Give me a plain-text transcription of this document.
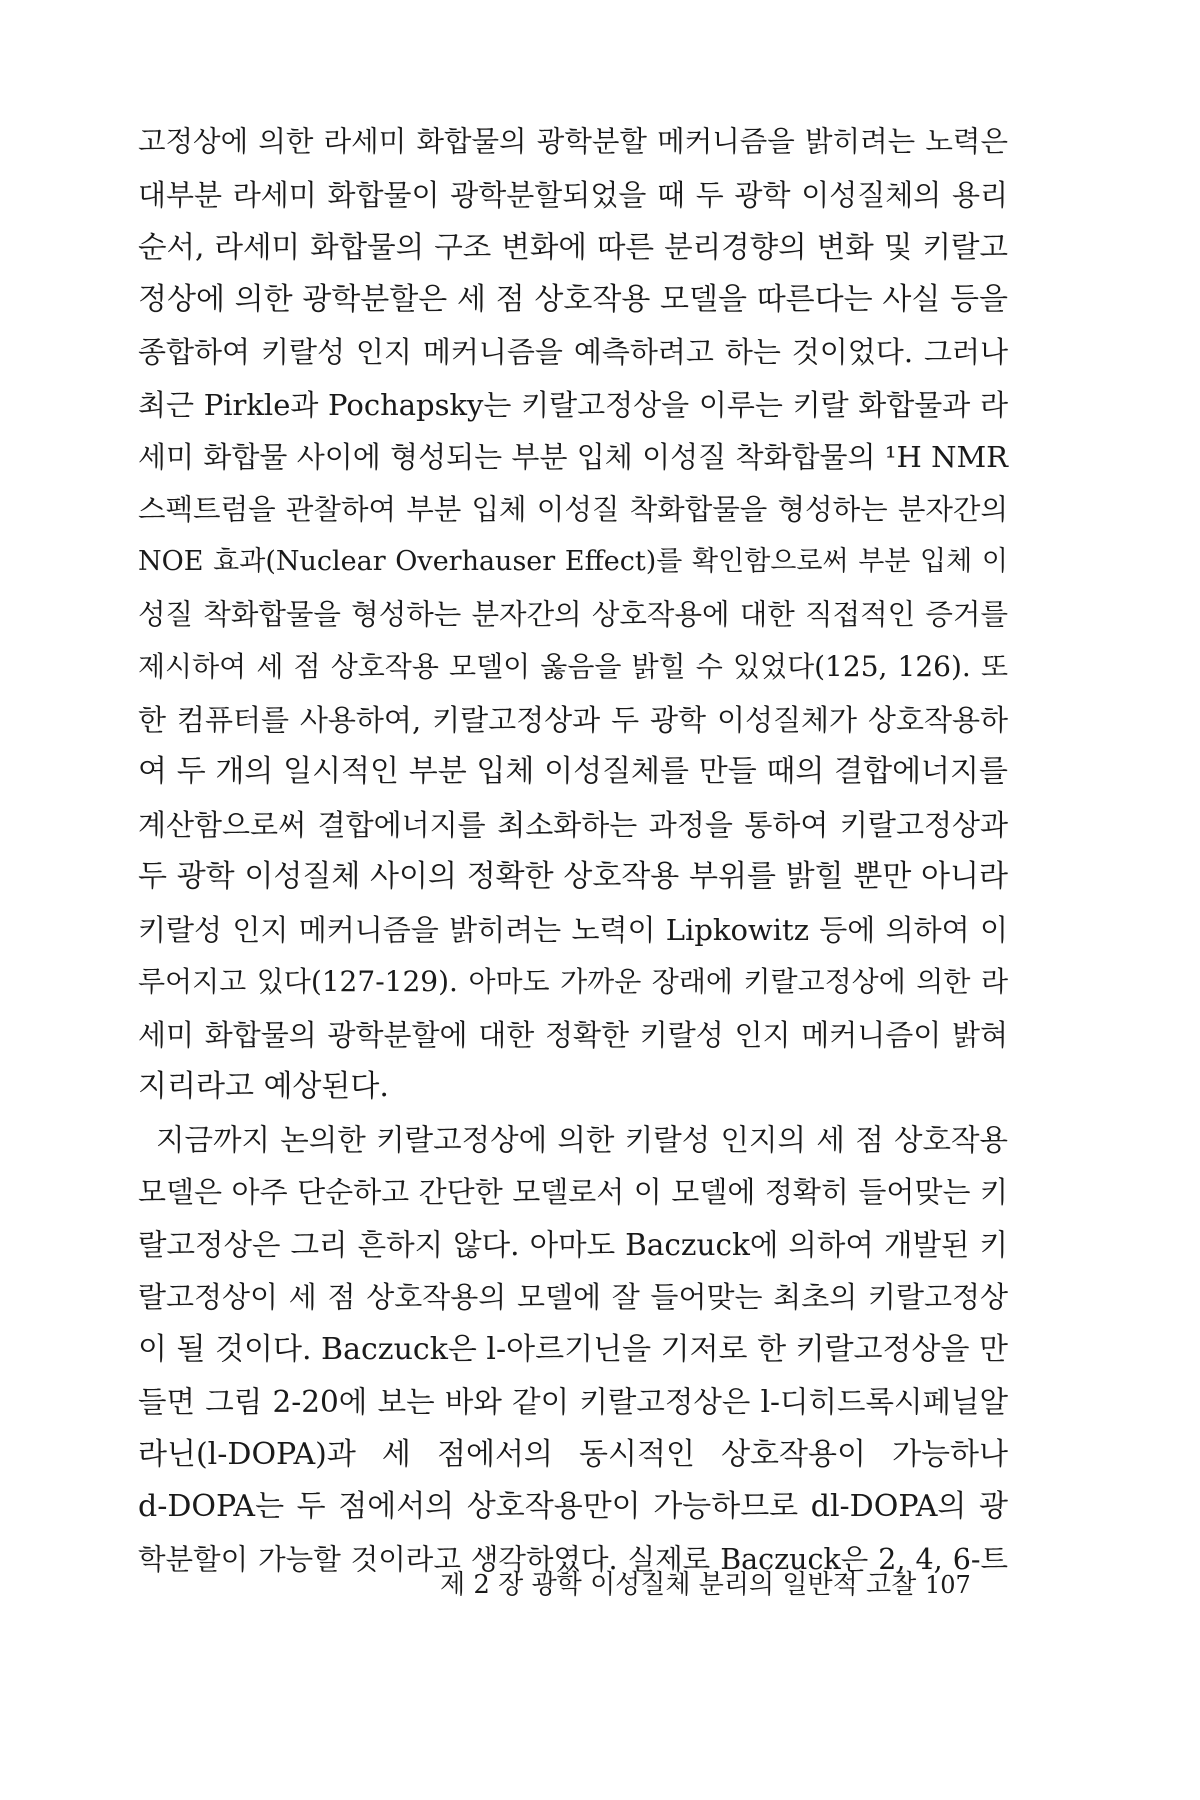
고정상에 의한 라세미 화합물의 광학분할 메커니즘을 밝히려는 노력은
대부분 라세미 화합물이 광학분할되었을 때 두 광학 이성질체의 용리
순서, 라세미 화합물의 구조 변화에 따른 분리경향의 변화 및 키랄고
정상에 의한 광학분할은 세 점 상호작용 모델을 따른다는 사실 등을
종합하여 키랄성 인지 메커니즘을 예측하려고 하는 것이었다. 그러나
최근 Pirkle과 Pochapsky는 키랄고정상을 이루는 키랄 화합물과 라
세미 화합물 사이에 형성되는 부분 입체 이성질 착화합물의 ¹H NMR
스펙트럼을 관찰하여 부분 입체 이성질 착화합물을 형성하는 분자간의
NOE 효과(Nuclear Overhauser Effect)를 확인함으로써 부분 입체 이
성질 착화합물을 형성하는 분자간의 상호작용에 대한 직접적인 증거를
제시하여 세 점 상호작용 모델이 옳음을 밝힐 수 있었다(125, 126). 또
한 컴퓨터를 사용하여, 키랄고정상과 두 광학 이성질체가 상호작용하
여 두 개의 일시적인 부분 입체 이성질체를 만들 때의 결합에너지를
계산함으로써 결합에너지를 최소화하는 과정을 통하여 키랄고정상과
두 광학 이성질체 사이의 정확한 상호작용 부위를 밝힐 뿐만 아니라
키랄성 인지 메커니즘을 밝히려는 노력이 Lipkowitz 등에 의하여 이
루어지고 있다(127-129). 아마도 가까운 장래에 키랄고정상에 의한 라
세미 화합물의 광학분할에 대한 정확한 키랄성 인지 메커니즘이 밝혀
지리라고 예상된다.
지금까지 논의한 키랄고정상에 의한 키랄성 인지의 세 점 상호작용
모델은 아주 단순하고 간단한 모델로서 이 모델에 정확히 들어맞는 키
랄고정상은 그리 흔하지 않다. 아마도 Baczuck에 의하여 개발된 키
랄고정상이 세 점 상호작용의 모델에 잘 들어맞는 최초의 키랄고정상
이 될 것이다. Baczuck은 l-아르기닌을 기저로 한 키랄고정상을 만
들면 그림 2-20에 보는 바와 같이 키랄고정상은 l-디히드록시페닐알
라닌(l-DOPA)과 세 점에서의 동시적인 상호작용이 가능하나
d-DOPA는 두 점에서의 상호작용만이 가능하므로 dl-DOPA의 광
학분할이 가능할 것이라고 생각하였다. 실제로 Baczuck은 2, 4, 6-트
제 2 장 광학 이성질체 분리의 일반적 고찰 107
